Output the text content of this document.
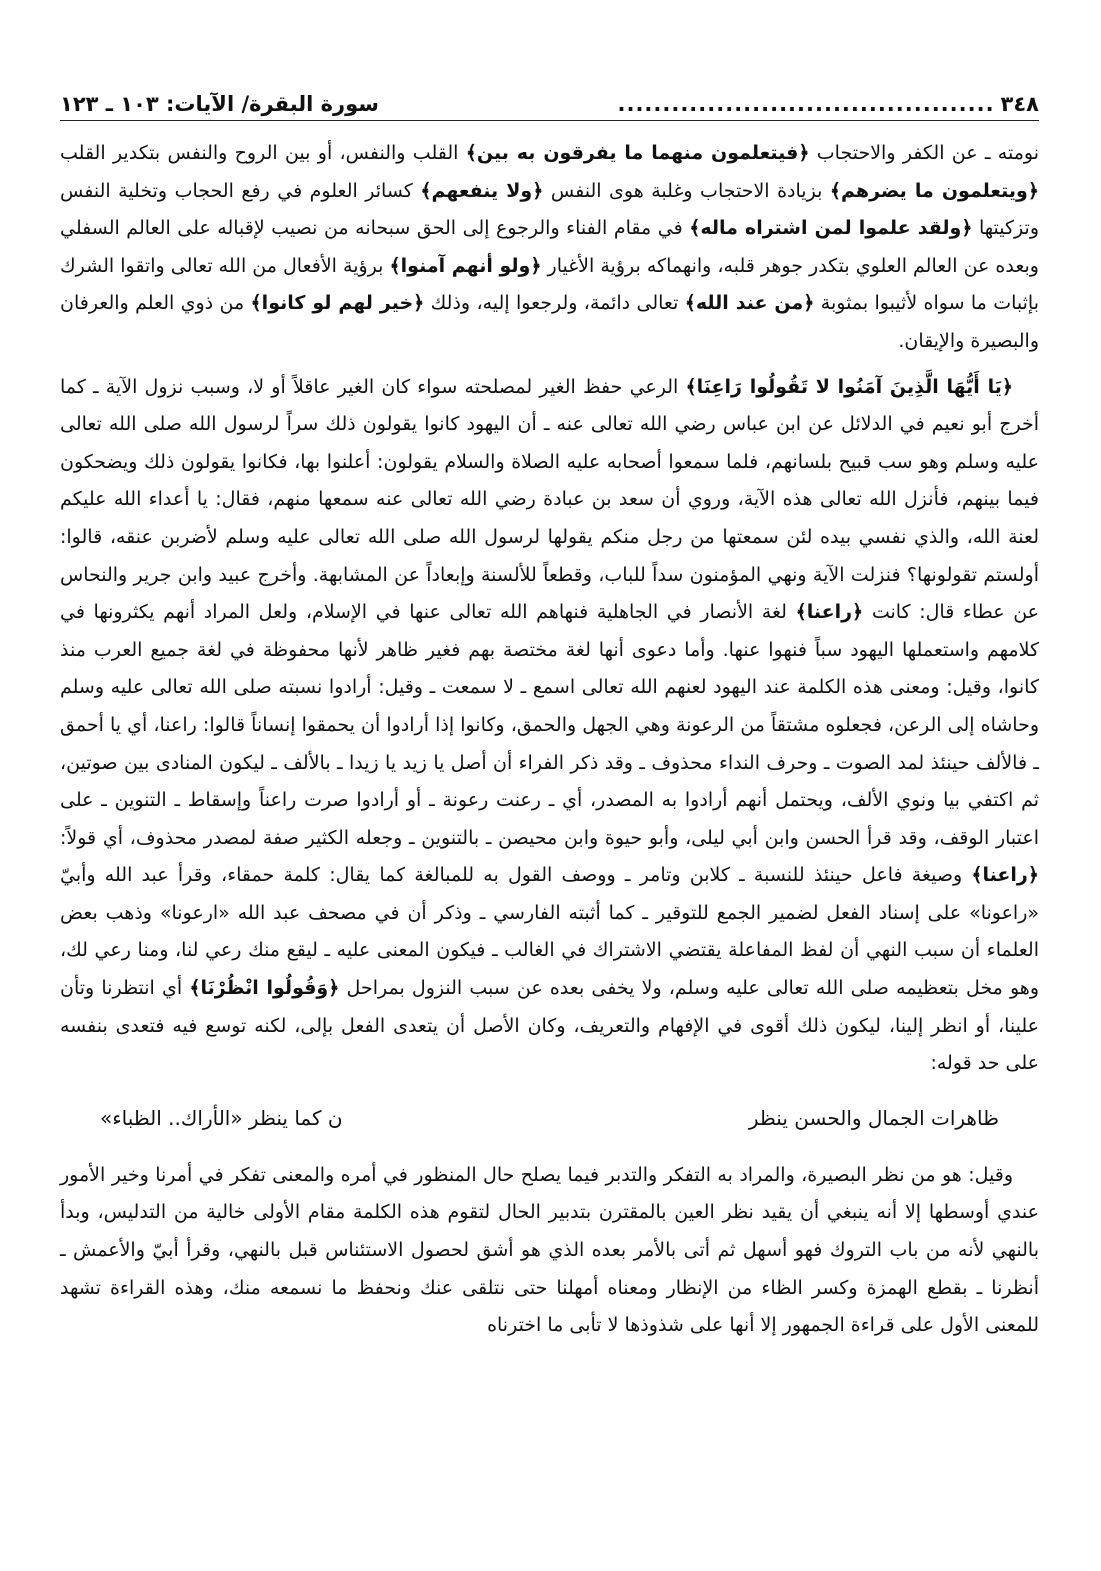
٣٤٨
..........................................
سورة البقرة/ الآيات: ١٠٣ ـ ١٢٣

نومته ـ عن الكفر والاحتجاب ﴿فيتعلمون منهما ما يفرقون به بين﴾ القلب والنفس، أو بين الروح والنفس بتكدير القلب ﴿ويتعلمون ما يضرهم﴾ بزيادة الاحتجاب وغلبة هوى النفس ﴿ولا ينفعهم﴾ كسائر العلوم في رفع الحجاب وتخلية النفس وتزكيتها ﴿ولقد علموا لمن اشتراه ماله﴾ في مقام الفناء والرجوع إلى الحق سبحانه من نصيب لإقباله على العالم السفلي وبعده عن العالم العلوي بتكدر جوهر قلبه، وانهماكه برؤية الأغيار ﴿ولو أنهم آمنوا﴾ برؤية الأفعال من الله تعالى واتقوا الشرك بإثبات ما سواه لأثيبوا بمثوبة ﴿من عند الله﴾ تعالى دائمة، ولرجعوا إليه، وذلك ﴿خير لهم لو كانوا﴾ من ذوي العلم والعرفان والبصيرة والإيقان.

﴿يَا أَيُّهَا الَّذِينَ آمَنُوا لا تَقُولُوا رَاعِنَا﴾ الرعي حفظ الغير لمصلحته سواء كان الغير عاقلاً أو لا، وسبب نزول الآية ـ كما أخرج أبو نعيم في الدلائل عن ابن عباس رضي الله تعالى عنه ـ أن اليهود كانوا يقولون ذلك سراً لرسول الله صلى الله تعالى عليه وسلم وهو سب قبيح بلسانهم، فلما سمعوا أصحابه عليه الصلاة والسلام يقولون: أعلنوا بها، فكانوا يقولون ذلك ويضحكون فيما بينهم، فأنزل الله تعالى هذه الآية، وروي أن سعد بن عبادة رضي الله تعالى عنه سمعها منهم، فقال: يا أعداء الله عليكم لعنة الله، والذي نفسي بيده لئن سمعتها من رجل منكم يقولها لرسول الله صلى الله تعالى عليه وسلم لأضربن عنقه، قالوا: أولستم تقولونها؟ فنزلت الآية ونهي المؤمنون سداً للباب، وقطعاً للألسنة وإبعاداً عن المشابهة. وأخرج عبيد وابن جرير والنحاس عن عطاء قال: كانت ﴿راعنا﴾ لغة الأنصار في الجاهلية فنهاهم الله تعالى عنها في الإسلام، ولعل المراد أنهم يكثرونها في كلامهم واستعملها اليهود سباً فنهوا عنها. وأما دعوى أنها لغة مختصة بهم فغير ظاهر لأنها محفوظة في لغة جميع العرب منذ كانوا، وقيل: ومعنى هذه الكلمة عند اليهود لعنهم الله تعالى اسمع ـ لا سمعت ـ وقيل: أرادوا نسبته صلى الله تعالى عليه وسلم وحاشاه إلى الرعن، فجعلوه مشتقاً من الرعونة وهي الجهل والحمق، وكانوا إذا أرادوا أن يحمقوا إنساناً قالوا: راعنا، أي يا أحمق ـ فالألف حينئذ لمد الصوت ـ وحرف النداء محذوف ـ وقد ذكر الفراء أن أصل يا زيد يا زيدا ـ بالألف ـ ليكون المنادى بين صوتين، ثم اكتفي بيا ونوي الألف، ويحتمل أنهم أرادوا به المصدر، أي ـ رعنت رعونة ـ أو أرادوا صرت راعناً وإسقاط ـ التنوين ـ على اعتبار الوقف، وقد قرأ الحسن وابن أبي ليلى، وأبو حيوة وابن محيصن ـ بالتنوين ـ وجعله الكثير صفة لمصدر محذوف، أي قولاً: ﴿راعنا﴾ وصيغة فاعل حينئذ للنسبة ـ كلابن وتامر ـ ووصف القول به للمبالغة كما يقال: كلمة حمقاء، وقرأ عبد الله وأبيّ «راعونا» على إسناد الفعل لضمير الجمع للتوقير ـ كما أثبته الفارسي ـ وذكر أن في مصحف عبد الله «ارعونا» وذهب بعض العلماء أن سبب النهي أن لفظ المفاعلة يقتضي الاشتراك في الغالب ـ فيكون المعنى عليه ـ ليقع منك رعي لنا، ومنا رعي لك، وهو مخل بتعظيمه صلى الله تعالى عليه وسلم، ولا يخفى بعده عن سبب النزول بمراحل ﴿وَقُولُوا انْظُرْنَا﴾ أي انتظرنا وتأن علينا، أو انظر إلينا، ليكون ذلك أقوى في الإفهام والتعريف، وكان الأصل أن يتعدى الفعل بإلى، لكنه توسع فيه فتعدى بنفسه على حد قوله:

ظاهرات الجمال والحسن ينظر
ن كما ينظر «الأراك.. الظباء»

وقيل: هو من نظر البصيرة، والمراد به التفكر والتدبر فيما يصلح حال المنظور في أمره والمعنى تفكر في أمرنا وخير الأمور عندي أوسطها إلا أنه ينبغي أن يقيد نظر العين بالمقترن بتدبير الحال لتقوم هذه الكلمة مقام الأولى خالية من التدليس، وبدأ بالنهي لأنه من باب التروك فهو أسهل ثم أتى بالأمر بعده الذي هو أشق لحصول الاستئناس قبل بالنهي، وقرأ أبيّ والأعمش ـ أنظرنا ـ بقطع الهمزة وكسر الظاء من الإنظار ومعناه أمهلنا حتى نتلقى عنك ونحفظ ما نسمعه منك، وهذه القراءة تشهد للمعنى الأول على قراءة الجمهور إلا أنها على شذوذها لا تأبى ما اخترناه
